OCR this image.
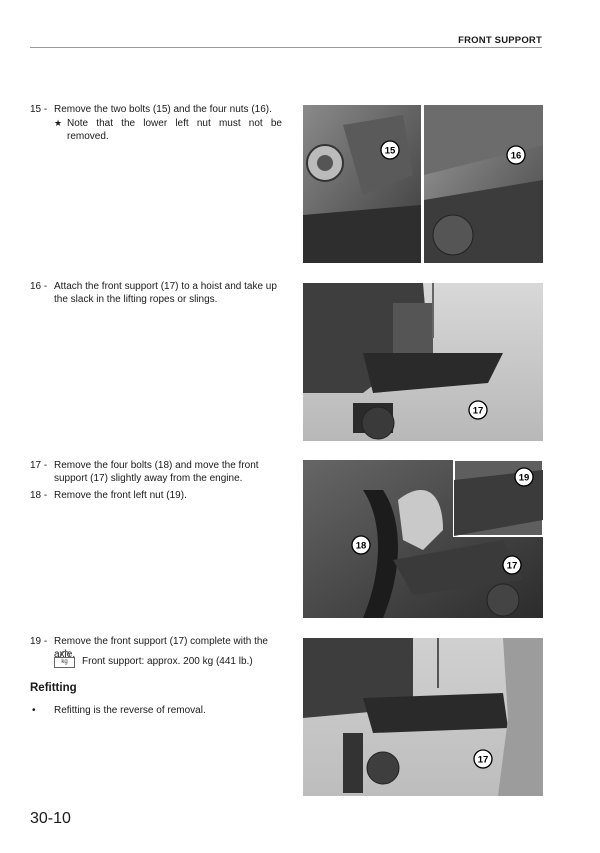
FRONT SUPPORT
15 - Remove the two bolts (15) and the four nuts (16).
★ Note that the lower left nut must not be removed.
16 - Attach the front support (17) to a hoist and take up the slack in the lifting ropes or slings.
17 - Remove the four bolts (18) and move the front support (17) slightly away from the engine.
18 - Remove the front left nut (19).
19 - Remove the front support (17) complete with the axle.
kg	Front support: approx. 200 kg (441 lb.)
Refitting
• Refitting is the reverse of removal.
15	16
17
19
18
17
17
30-10
